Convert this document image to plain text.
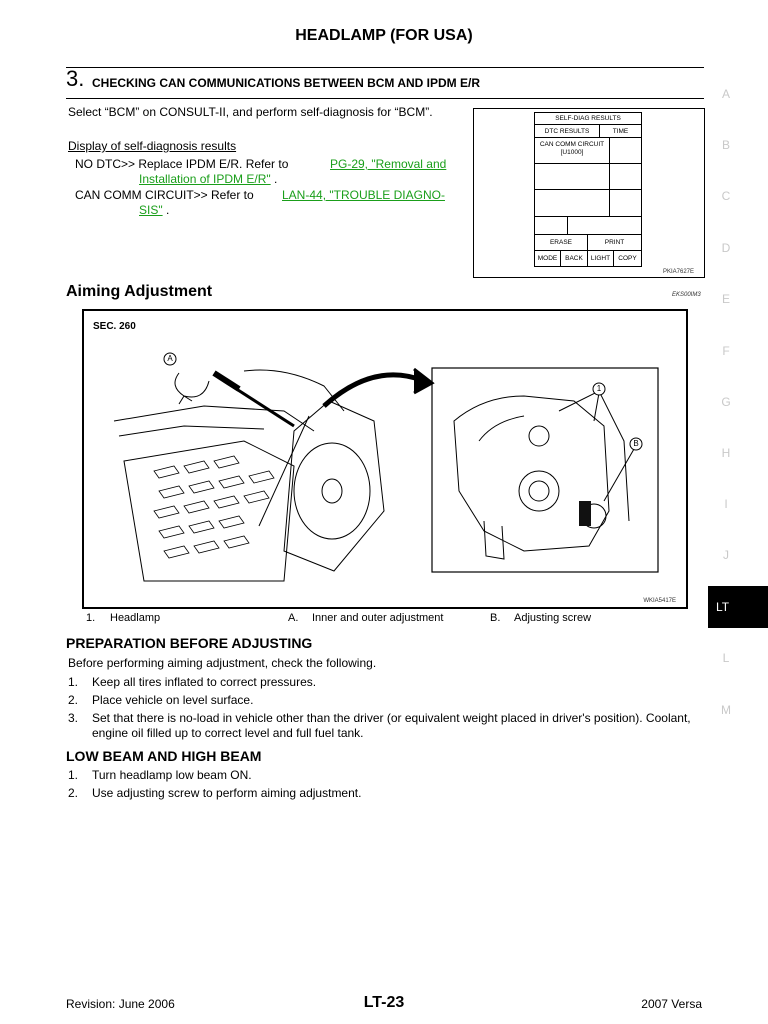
HEADLAMP (FOR USA)
3. CHECKING CAN COMMUNICATIONS BETWEEN BCM AND IPDM E/R
Select “BCM” on CONSULT-II, and perform self-diagnosis for “BCM”.
Display of self-diagnosis results
NO DTC>> Replace IPDM E/R. Refer to	PG-29, "Removal and
Installation of IPDM E/R" .
CAN COMM CIRCUIT>> Refer to LAN-44, "TROUBLE DIAGNO-
SIS" .
SELF-DIAG RESULTS
DTC RESULTS	TIME
CAN COMM CIRCUIT
[U1000]
ERASE	PRINT
MODE	BACK	LIGHT	COPY
PKIA7627E
Aiming Adjustment	EKS00IM3
SEC. 260
A
1
B
WKIA5417E
1. Headlamp	A. Inner and outer adjustment	B. Adjusting screw
PREPARATION BEFORE ADJUSTING
Before performing aiming adjustment, check the following.
1. Keep all tires inflated to correct pressures.
2. Place vehicle on level surface.
3. Set that there is no-load in vehicle other than the driver (or equivalent weight placed in driver's position). Coolant, engine oil filled up to correct level and full fuel tank.
LOW BEAM AND HIGH BEAM
1. Turn headlamp low beam ON.
2. Use adjusting screw to perform aiming adjustment.
A
B
C
D
E
F
G
H
I
J
LT
L
M
Revision: June 2006	LT-23	2007 Versa
